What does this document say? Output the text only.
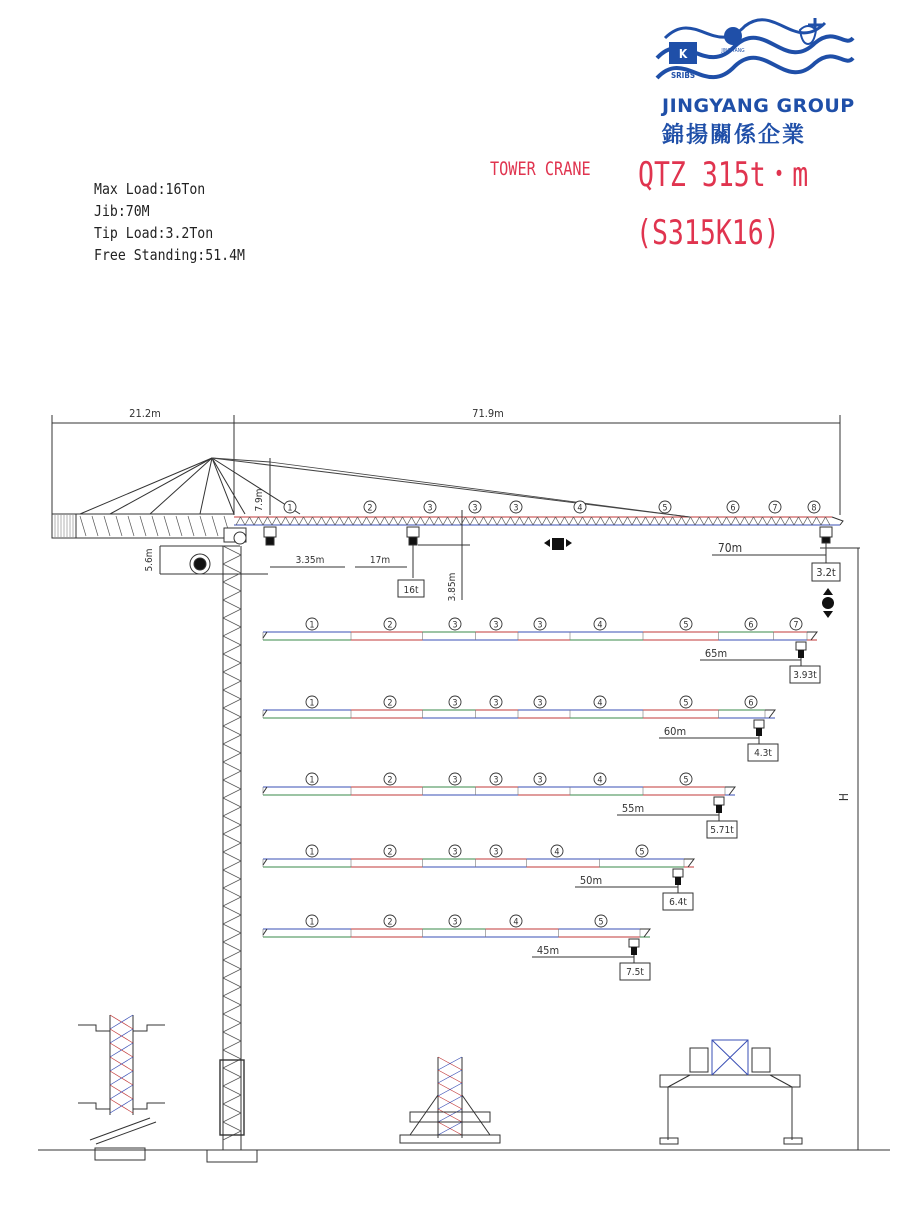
21.2m	71.9m
7.9m 1	2	3	3	3	4	5	6	7	8
3.35m	17m
16t	3.85m
70m
3.2t
5.6m
H
1	2	3	3	3	4	5	6	7
65m
3.93t
1	2	3	3	3	4	5	6
60m
4.3t
1	2	3	3	3	4	5
55m
5.71t
1	2	3	3	4	5
50m
6.4t
1	2	3	4	5
45m
7.5t
K
SRIBS
JING YANG
JINGYANG GROUP
錦揚關係企業
TOWER CRANE QTZ 315t・m
(S315K16)
Max Load:16Ton
Jib:70M
Tip Load:3.2Ton
Free Standing:51.4M
